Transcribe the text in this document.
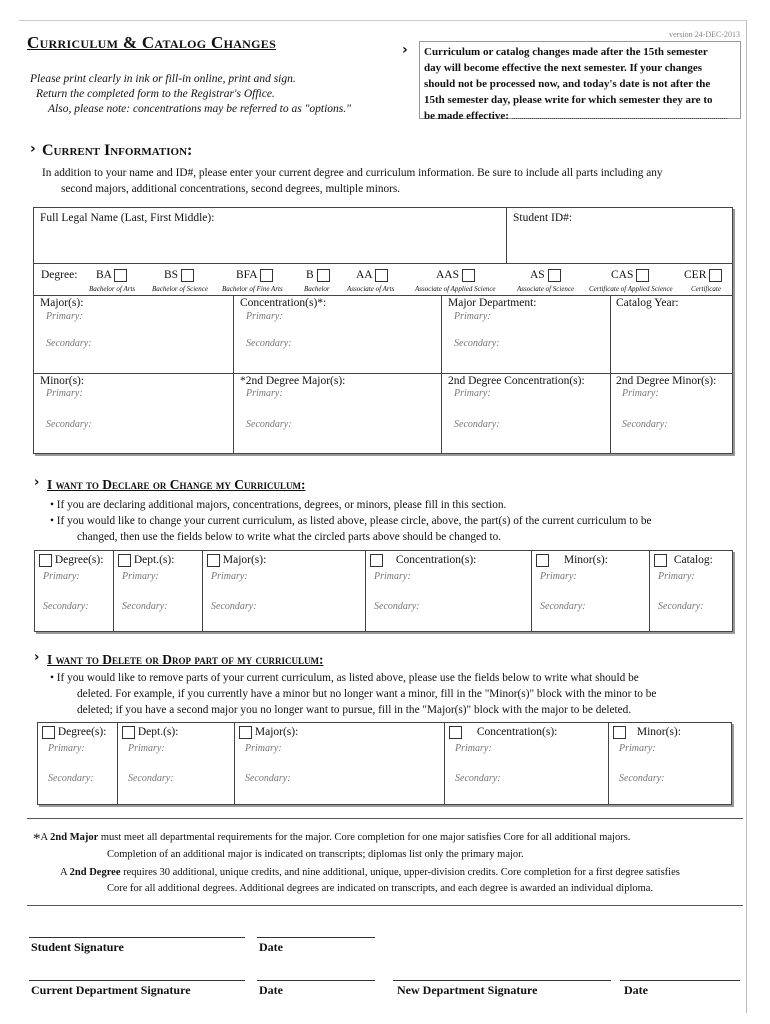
version 24-DEC-2013
Curriculum & Catalog Changes
Please print clearly in ink or fill-in online, print and sign.
Return the completed form to the Registrar's Office.
Also, please note: concentrations may be referred to as "options."
› Curriculum or catalog changes made after the 15th semester
day will become effective the next semester. If your changes
should not be processed now, and today's date is not after the
15th semester day, please write for which semester they are to
be made effective:
› Current Information:
In addition to your name and ID#, please enter your current degree and curriculum information. Be sure to include all parts including any
second majors, additional concentrations, second degrees, multiple minors.
Full Legal Name (Last, First Middle):	Student ID#:
Degree: BA
Bachelor of Arts
BS
Bachelor of Science
BFA
Bachelor of Fine Arts
B
Bachelor
AA
Associate of Arts
AAS
Associate of Applied Science
AS
Associate of Science
CAS
Certificate of Applied Science
CER
Certificate
Major(s):
Primary:
Secondary:
Concentration(s)*:
Primary:
Secondary:
Major Department:
Primary:
Secondary:
Catalog Year:
Minor(s):
Primary:
Secondary:
*2nd Degree Major(s):
Primary:
Secondary:
2nd Degree Concentration(s):
Primary:
Secondary:
2nd Degree Minor(s):
Primary:
Secondary:
› I want to Declare or Change my Curriculum:
• If you are declaring additional majors, concentrations, degrees, or minors, please fill in this section.
• If you would like to change your current curriculum, as listed above, please circle, above, the part(s) of the current curriculum to be
changed, then use the fields below to write what the circled parts above should be changed to.
Degree(s):
Primary:
Secondary:
Dept.(s):
Primary:
Secondary:
Major(s):
Primary:
Secondary:
Concentration(s):
Primary:
Secondary:
Minor(s):
Primary:
Secondary:
Catalog:
Primary:
Secondary:
› I want to Delete or Drop part of my curriculum:
• If you would like to remove parts of your current curriculum, as listed above, please use the fields below to write what should be
deleted. For example, if you currently have a minor but no longer want a minor, fill in the "Minor(s)" block with the minor to be
deleted; if you have a second major you no longer want to pursue, fill in the "Major(s)" block with the major to be deleted.
Degree(s):
Primary:
Secondary:
Dept.(s):
Primary:
Secondary:
Major(s):
Primary:
Secondary:
Concentration(s):
Primary:
Secondary:
Minor(s):
Primary:
Secondary:
*A 2nd Major must meet all departmental requirements for the major. Core completion for one major satisfies Core for all additional majors.
Completion of an additional major is indicated on transcripts; diplomas list only the primary major.
A 2nd Degree requires 30 additional, unique credits, and nine additional, unique, upper-division credits. Core completion for a first degree satisfies
Core for all additional degrees. Additional degrees are indicated on transcripts, and each degree is awarded an individual diploma.
Student Signature	Date
Current Department Signature	Date	New Department Signature	Date
